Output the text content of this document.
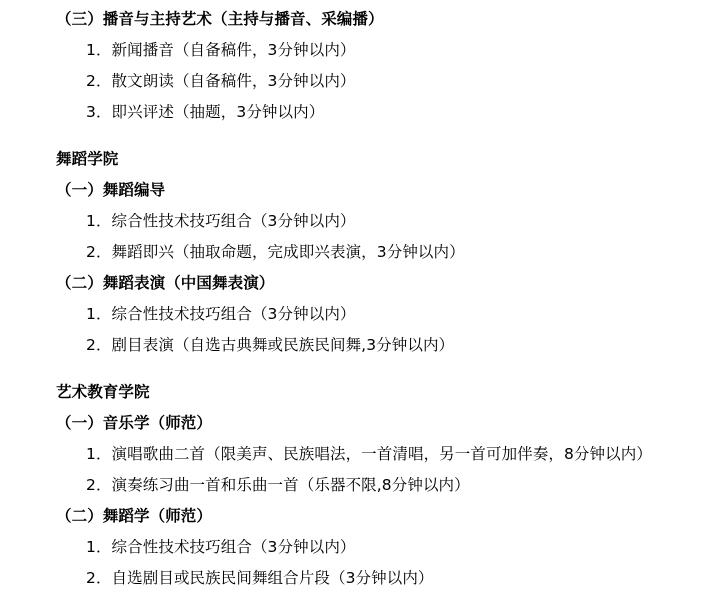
（三）播音与主持艺术（主持与播音、采编播）
1．新闻播音（自备稿件，3分钟以内）
2．散文朗读（自备稿件，3分钟以内）
3．即兴评述（抽题，3分钟以内）
舞蹈学院
（一）舞蹈编导
1．综合性技术技巧组合（3分钟以内）
2．舞蹈即兴（抽取命题，完成即兴表演，3分钟以内）
（二）舞蹈表演（中国舞表演）
1．综合性技术技巧组合（3分钟以内）
2．剧目表演（自选古典舞或民族民间舞,3分钟以内）
艺术教育学院
（一）音乐学（师范）
1．演唱歌曲二首（限美声、民族唱法，一首清唱，另一首可加伴奏，8分钟以内）
2．演奏练习曲一首和乐曲一首（乐器不限,8分钟以内）
（二）舞蹈学（师范）
1．综合性技术技巧组合（3分钟以内）
2．自选剧目或民族民间舞组合片段（3分钟以内）
